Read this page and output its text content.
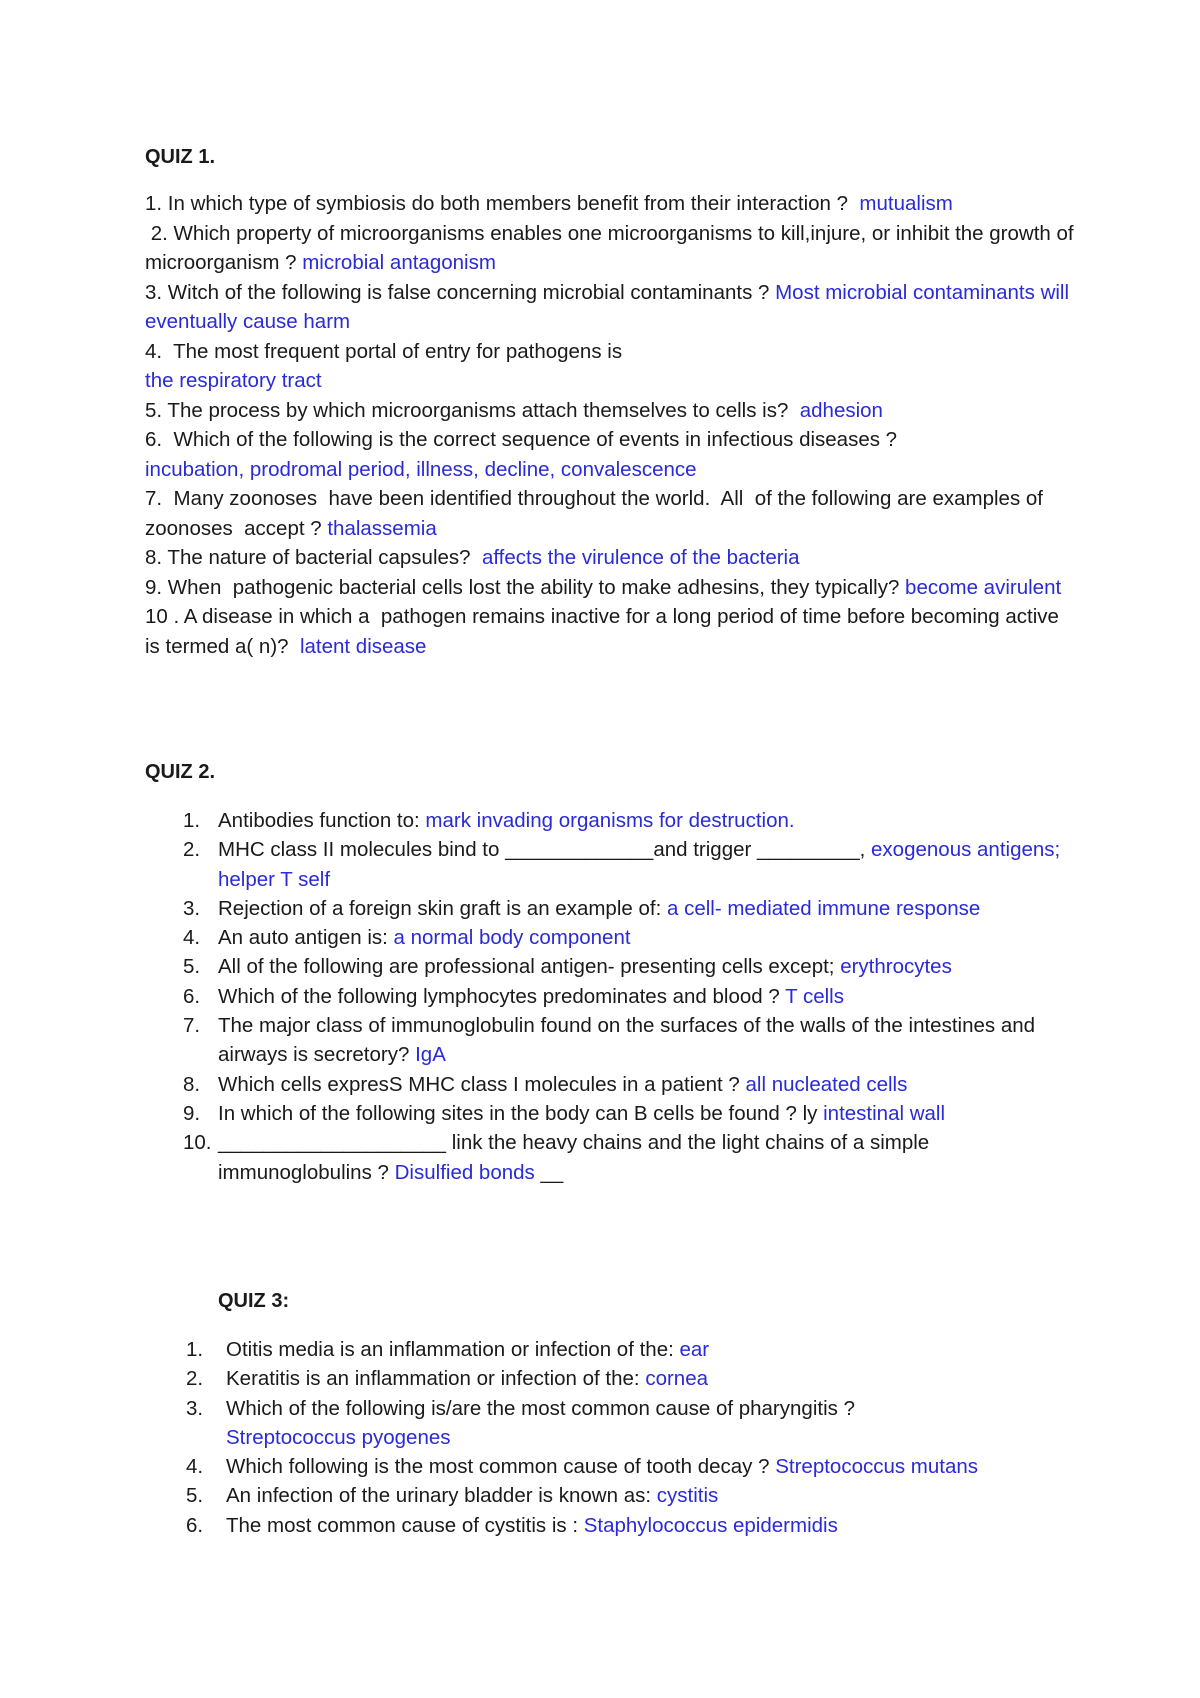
QUIZ 1.

1. In which type of symbiosis do both members benefit from their interaction ?  mutualism
2. Which property of microorganisms enables one microorganisms to kill,injure, or inhibit the growth of microorganism ? microbial antagonism
3. Witch of the following is false concerning microbial contaminants ? Most microbial contaminants will eventually cause harm
4.  The most frequent portal of entry for pathogens is
the respiratory tract
5. The process by which microorganisms attach themselves to cells is?  adhesion
6.  Which of the following is the correct sequence of events in infectious diseases ?
incubation, prodromal period, illness, decline, convalescence
7.  Many zoonoses  have been identified throughout the world.  All  of the following are examples of zoonoses  accept ? thalassemia
8. The nature of bacterial capsules?  affects the virulence of the bacteria
9. When  pathogenic bacterial cells lost the ability to make adhesins, they typically? become avirulent
10 . A disease in which a  pathogen remains inactive for a long period of time before becoming active is termed a( n)?  latent disease

QUIZ 2.

1. Antibodies function to: mark invading organisms for destruction.
2. MHC class II molecules bind to _____________and trigger _________, exogenous antigens; helper T self
3. Rejection of a foreign skin graft is an example of: a cell- mediated immune response
4. An auto antigen is: a normal body component
5. All of the following are professional antigen- presenting cells except; erythrocytes
6. Which of the following lymphocytes predominates and blood ? T cells
7. The major class of immunoglobulin found on the surfaces of the walls of the intestines and airways is secretory? IgA
8. Which cells expresS MHC class I molecules in a patient ? all nucleated cells
9. In which of the following sites in the body can B cells be found ? ly intestinal wall
10. ____________________ link the heavy chains and the light chains of a simple immunoglobulins ? Disulfied bonds __

QUIZ 3:

1. Otitis media is an inflammation or infection of the: ear
2. Keratitis is an inflammation or infection of the: cornea
3. Which of the following is/are the most common cause of pharyngitis ?
Streptococcus pyogenes
4. Which following is the most common cause of tooth decay ? Streptococcus mutans
5. An infection of the urinary bladder is known as: cystitis
6. The most common cause of cystitis is : Staphylococcus epidermidis
